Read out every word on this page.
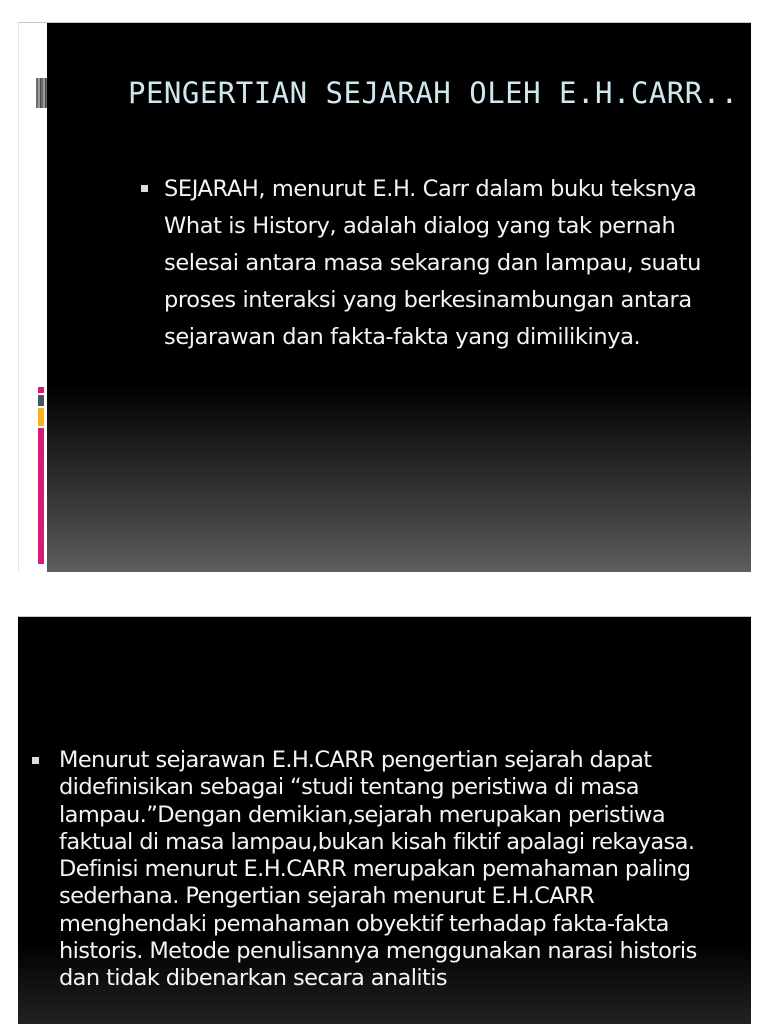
PENGERTIAN SEJARAH OLEH E.H.CARR..
SEJARAH, menurut E.H. Carr dalam buku teksnya What is History, adalah dialog yang tak pernah selesai antara masa sekarang dan lampau, suatu proses interaksi yang berkesinambungan antara sejarawan dan fakta-fakta yang dimilikinya.
Menurut sejarawan E.H.CARR pengertian sejarah dapat didefinisikan sebagai “studi tentang peristiwa di masa lampau.”Dengan demikian,sejarah merupakan peristiwa faktual di masa lampau,bukan kisah fiktif apalagi rekayasa. Definisi menurut E.H.CARR merupakan pemahaman paling sederhana. Pengertian sejarah menurut E.H.CARR menghendaki pemahaman obyektif terhadap fakta-fakta historis. Metode penulisannya menggunakan narasi historis dan tidak dibenarkan secara analitis
